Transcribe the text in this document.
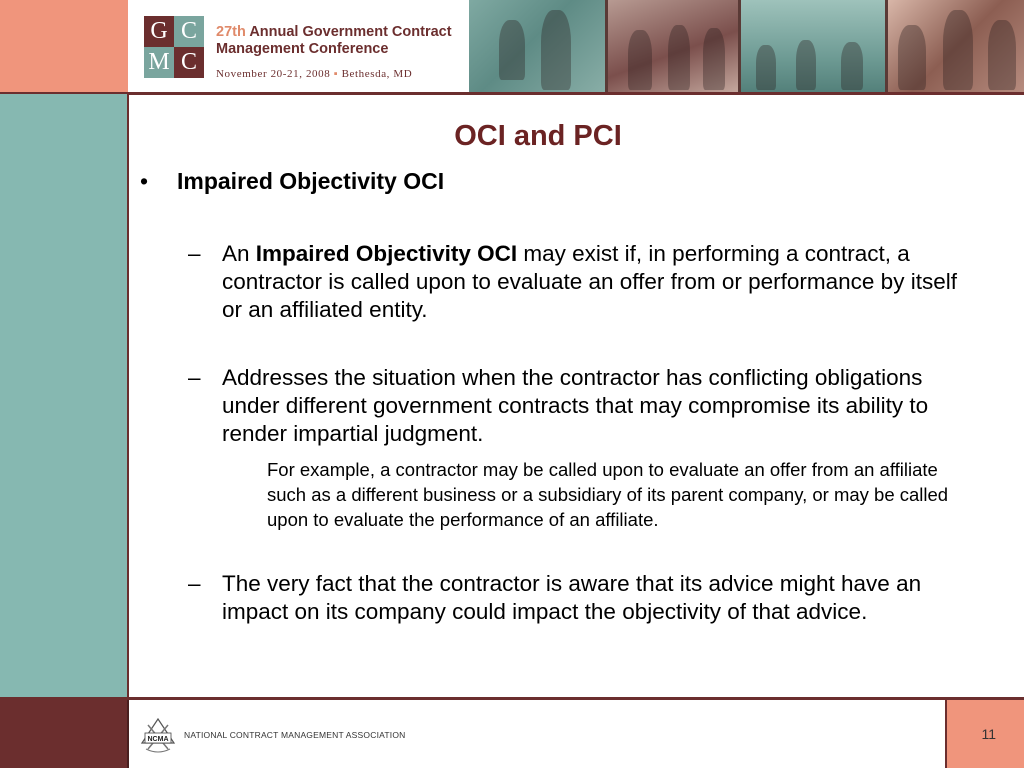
G C
M C
27th Annual Government Contract
Management Conference
November 20-21, 2008 ▪ Bethesda, MD
OCI and PCI
• Impaired Objectivity OCI
– An Impaired Objectivity OCI may exist if, in performing a contract, a contractor is called upon to evaluate an offer from or performance by itself or an affiliated entity.
– Addresses the situation when the contractor has conflicting obligations under different government contracts that may compromise its ability to render impartial judgment.
For example, a contractor may be called upon to evaluate an offer from an affiliate such as a different business or a subsidiary of its parent company, or may be called upon to evaluate the performance of an affiliate.
– The very fact that the contractor is aware that its advice might have an impact on its company could impact the objectivity of that advice.
NCMA NATIONAL CONTRACT MANAGEMENT ASSOCIATION	11
